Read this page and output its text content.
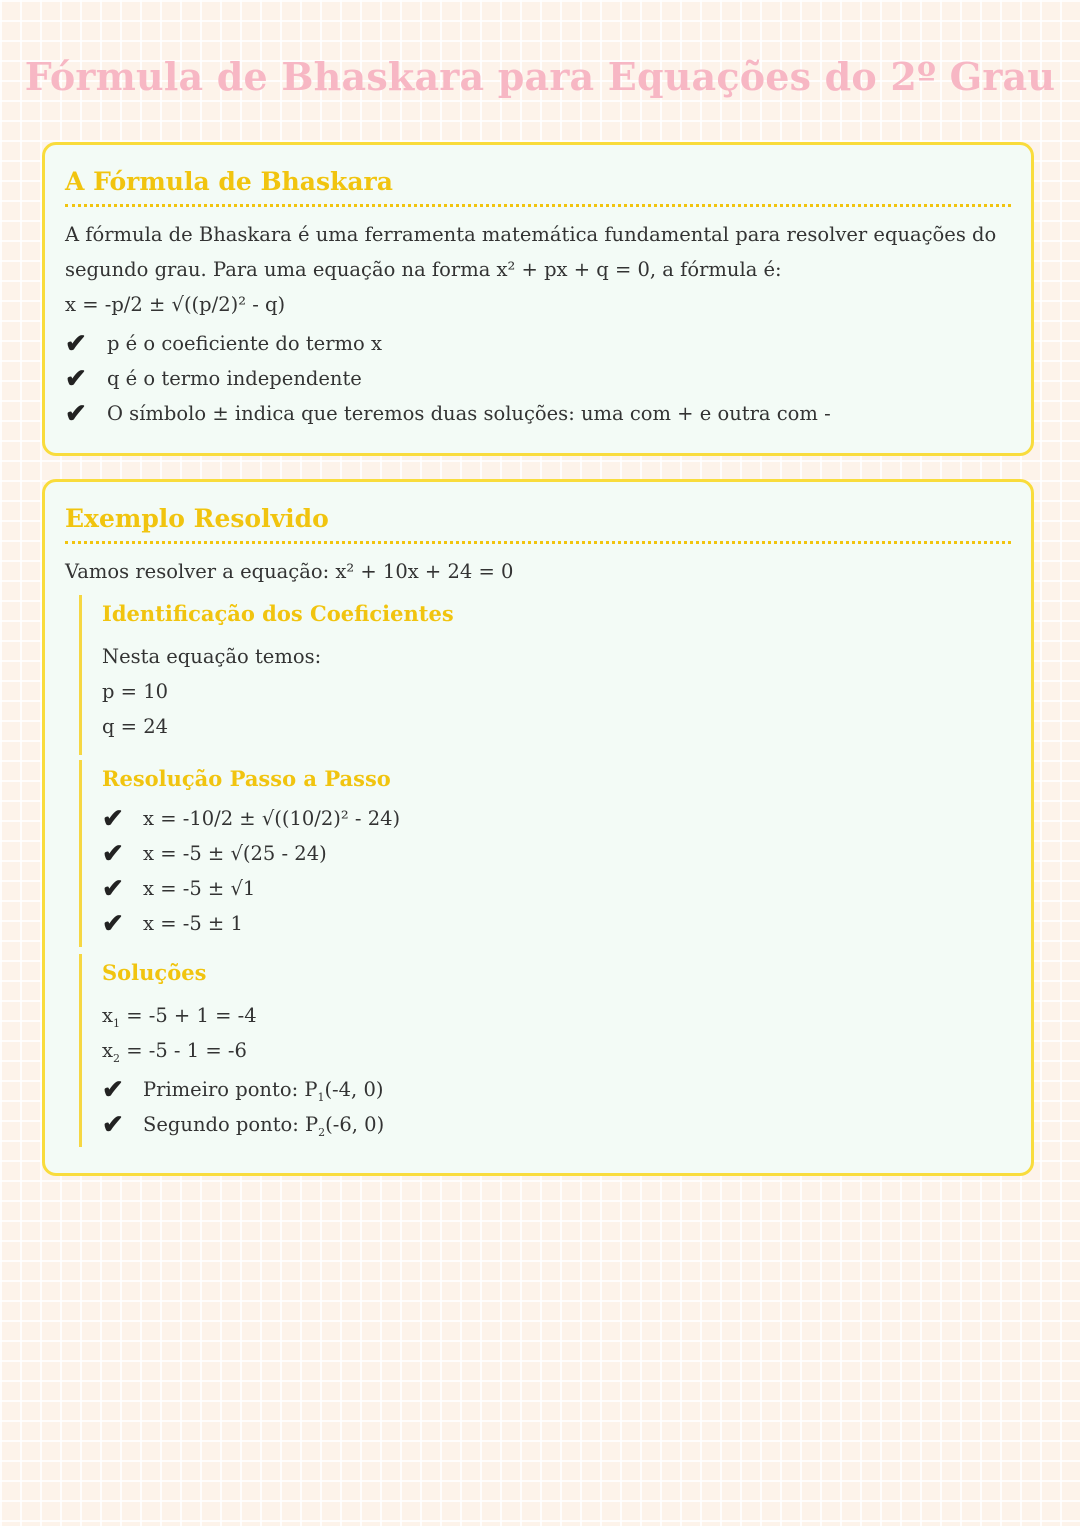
Fórmula de Bhaskara para Equações do 2º Grau
A Fórmula de Bhaskara
A fórmula de Bhaskara é uma ferramenta matemática fundamental para resolver equações do
segundo grau. Para uma equação na forma x² + px + q = 0, a fórmula é:
x = -p/2 ± √((p/2)² - q)
✔ p é o coeficiente do termo x
✔ q é o termo independente
✔ O símbolo ± indica que teremos duas soluções: uma com + e outra com -
Exemplo Resolvido
Vamos resolver a equação: x² + 10x + 24 = 0
Identificação dos Coeficientes
Nesta equação temos:
p = 10
q = 24
Resolução Passo a Passo
✔ x = -10/2 ± √((10/2)² - 24)
✔ x = -5 ± √(25 - 24)
✔ x = -5 ± √1
✔ x = -5 ± 1
Soluções
$x_1 = -5 + 1 = -4$
$x_2 = -5 - 1 = -6$
✔ Primeiro ponto: $P_1(-4$, 0)
✔ Segundo ponto: $P_2(-6$, 0)
